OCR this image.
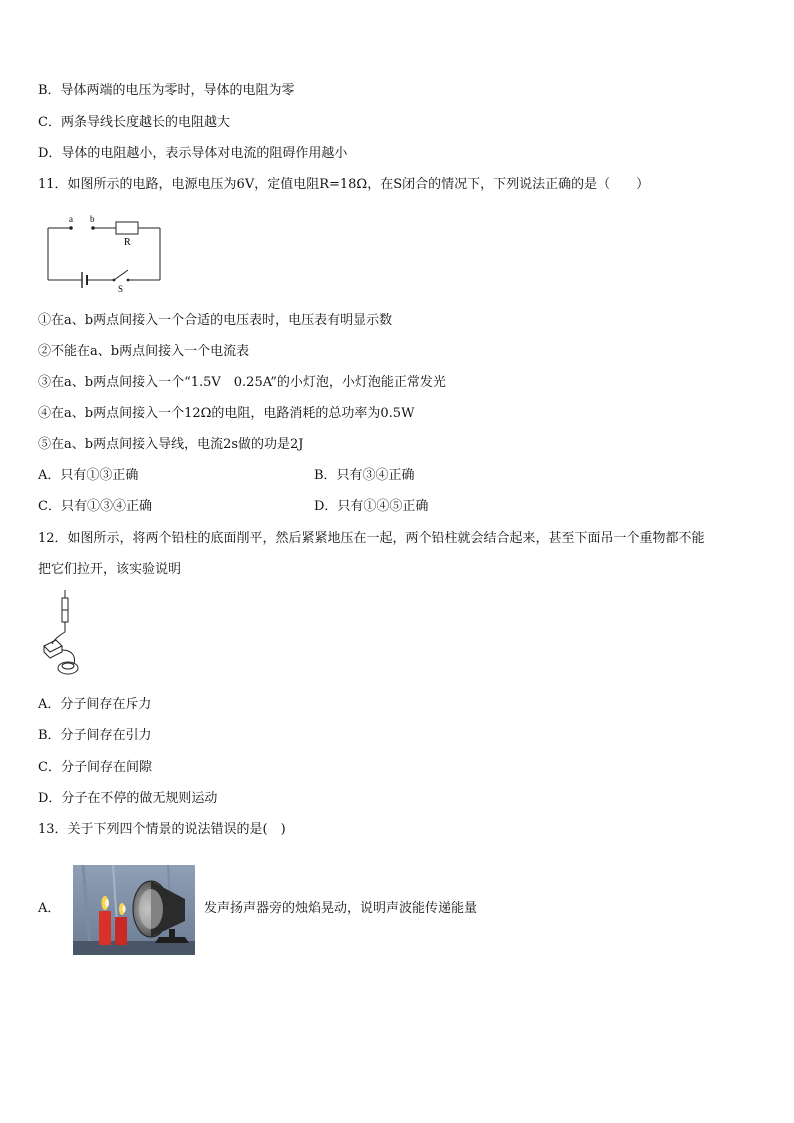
B．导体两端的电压为零时，导体的电阻为零
C．两条导线长度越长的电阻越大
D．导体的电阻越小，表示导体对电流的阻碍作用越小
11．如图所示的电路，电源电压为6V，定值电阻R=18Ω，在S闭合的情况下，下列说法正确的是（　　）
a b
R
S
①在a、b两点间接入一个合适的电压表时，电压表有明显示数
②不能在a、b两点间接入一个电流表
③在a、b两点间接入一个“1.5V　0.25A”的小灯泡，小灯泡能正常发光
④在a、b两点间接入一个12Ω的电阻，电路消耗的总功率为0.5W
⑤在a、b两点间接入导线，电流2s做的功是2J
A．只有①③正确	B．只有③④正确
C．只有①③④正确	D．只有①④⑤正确
12．如图所示，将两个铅柱的底面削平，然后紧紧地压在一起，两个铅柱就会结合起来，甚至下面吊一个重物都不能
把它们拉开，该实验说明
A．分子间存在斥力
B．分子间存在引力
C．分子间存在间隙
D．分子在不停的做无规则运动
13．关于下列四个情景的说法错误的是(　)
A．	发声扬声器旁的烛焰晃动，说明声波能传递能量
